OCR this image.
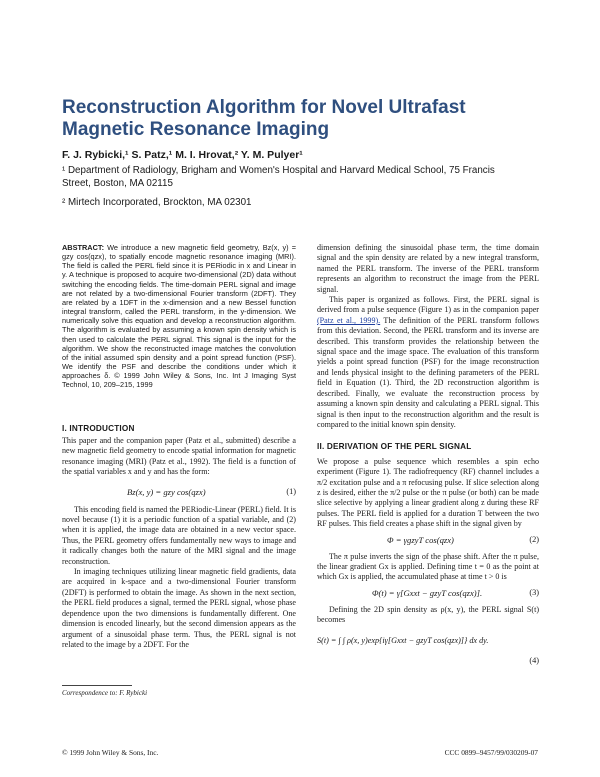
Reconstruction Algorithm for Novel Ultrafast Magnetic Resonance Imaging
F. J. Rybicki,¹ S. Patz,¹ M. I. Hrovat,² Y. M. Pulyer¹
¹ Department of Radiology, Brigham and Women's Hospital and Harvard Medical School, 75 Francis Street, Boston, MA 02115
² Mirtech Incorporated, Brockton, MA 02301
ABSTRACT: We introduce a new magnetic field geometry, Bz(x, y) = gzy cos(qzx), to spatially encode magnetic resonance imaging (MRI). The field is called the PERL field since it is PERiodic in x and Linear in y. A technique is proposed to acquire two-dimensional (2D) data without switching the encoding fields. The time-domain PERL signal and image are not related by a two-dimensional Fourier transform (2DFT). They are related by a 1DFT in the x-dimension and a new Bessel function integral transform, called the PERL transform, in the y-dimension. We numerically solve this equation and develop a reconstruction algorithm. The algorithm is evaluated by assuming a known spin density which is then used to calculate the PERL signal. This signal is the input for the algorithm. We show the reconstructed image matches the convolution of the initial assumed spin density and a point spread function (PSF). We identify the PSF and describe the conditions under which it approaches δ. © 1999 John Wiley & Sons, Inc. Int J Imaging Syst Technol, 10, 209–215, 1999
I. INTRODUCTION

This paper and the companion paper (Patz et al., submitted) describe a new magnetic field geometry to encode spatial information for magnetic resonance imaging (MRI) (Patz et al., 1992). The field is a function of the spatial variables x and y and has the form:

Bz(x, y) = gzy cos(qzx)	(1)

This encoding field is named the PERiodic-Linear (PERL) field. It is novel because (1) it is a periodic function of a spatial variable, and (2) when it is applied, the image data are obtained in a new vector space. Thus, the PERL geometry offers fundamentally new ways to image and it radically changes both the nature of the MRI signal and the image reconstruction.

In imaging techniques utilizing linear magnetic field gradients, data are acquired in k-space and a two-dimensional Fourier transform (2DFT) is performed to obtain the image. As shown in the next section, the PERL field produces a signal, termed the PERL signal, whose phase dependence upon the two dimensions is fundamentally different. One dimension is encoded linearly, but the second dimension appears as the argument of a sinusoidal phase term. Thus, the PERL signal is not related to the image by a 2DFT. For the

dimension defining the sinusoidal phase term, the time domain signal and the spin density are related by a new integral transform, named the PERL transform. The inverse of the PERL transform represents an algorithm to reconstruct the image from the PERL signal.

This paper is organized as follows. First, the PERL signal is derived from a pulse sequence (Figure 1) as in the companion paper (Patz et al., 1999). The definition of the PERL transform follows from this deviation. Second, the PERL transform and its inverse are described. This transform provides the relationship between the signal space and the image space. The evaluation of this transform yields a point spread function (PSF) for the image reconstruction and lends physical insight to the defining parameters of the PERL field in Equation (1). Third, the 2D reconstruction algorithm is described. Finally, we evaluate the reconstruction process by assuming a known spin density and calculating a PERL signal. This signal is then input to the reconstruction algorithm and the result is compared to the initial known spin density.

II. DERIVATION OF THE PERL SIGNAL

We propose a pulse sequence which resembles a spin echo experiment (Figure 1). The radiofrequency (RF) channel includes a π/2 excitation pulse and a π refocusing pulse. If slice selection along z is desired, either the π/2 pulse or the π pulse (or both) can be made slice selective by applying a linear gradient along z during these RF pulses. The PERL field is applied for a duration T between the two RF pulses. This field creates a phase shift in the signal given by

Φ = γgzyT cos(qzx)	(2)

The π pulse inverts the sign of the phase shift. After the π pulse, the linear gradient Gx is applied. Defining time t = 0 as the point at which Gx is applied, the accumulated phase at time t > 0 is

Φ(t) = γ[Gxxt − gzyT cos(qzx)].	(3)

Defining the 2D spin density as ρ(x, y), the PERL signal S(t) becomes

S(t) = ∫ ∫ ρ(x, y)exp{iγ[Gxxt − gzyT cos(qzx)]} dx dy.
(4)
Correspondence to: F. Rybicki
© 1999 John Wiley & Sons, Inc.	CCC 0899–9457/99/030209-07
